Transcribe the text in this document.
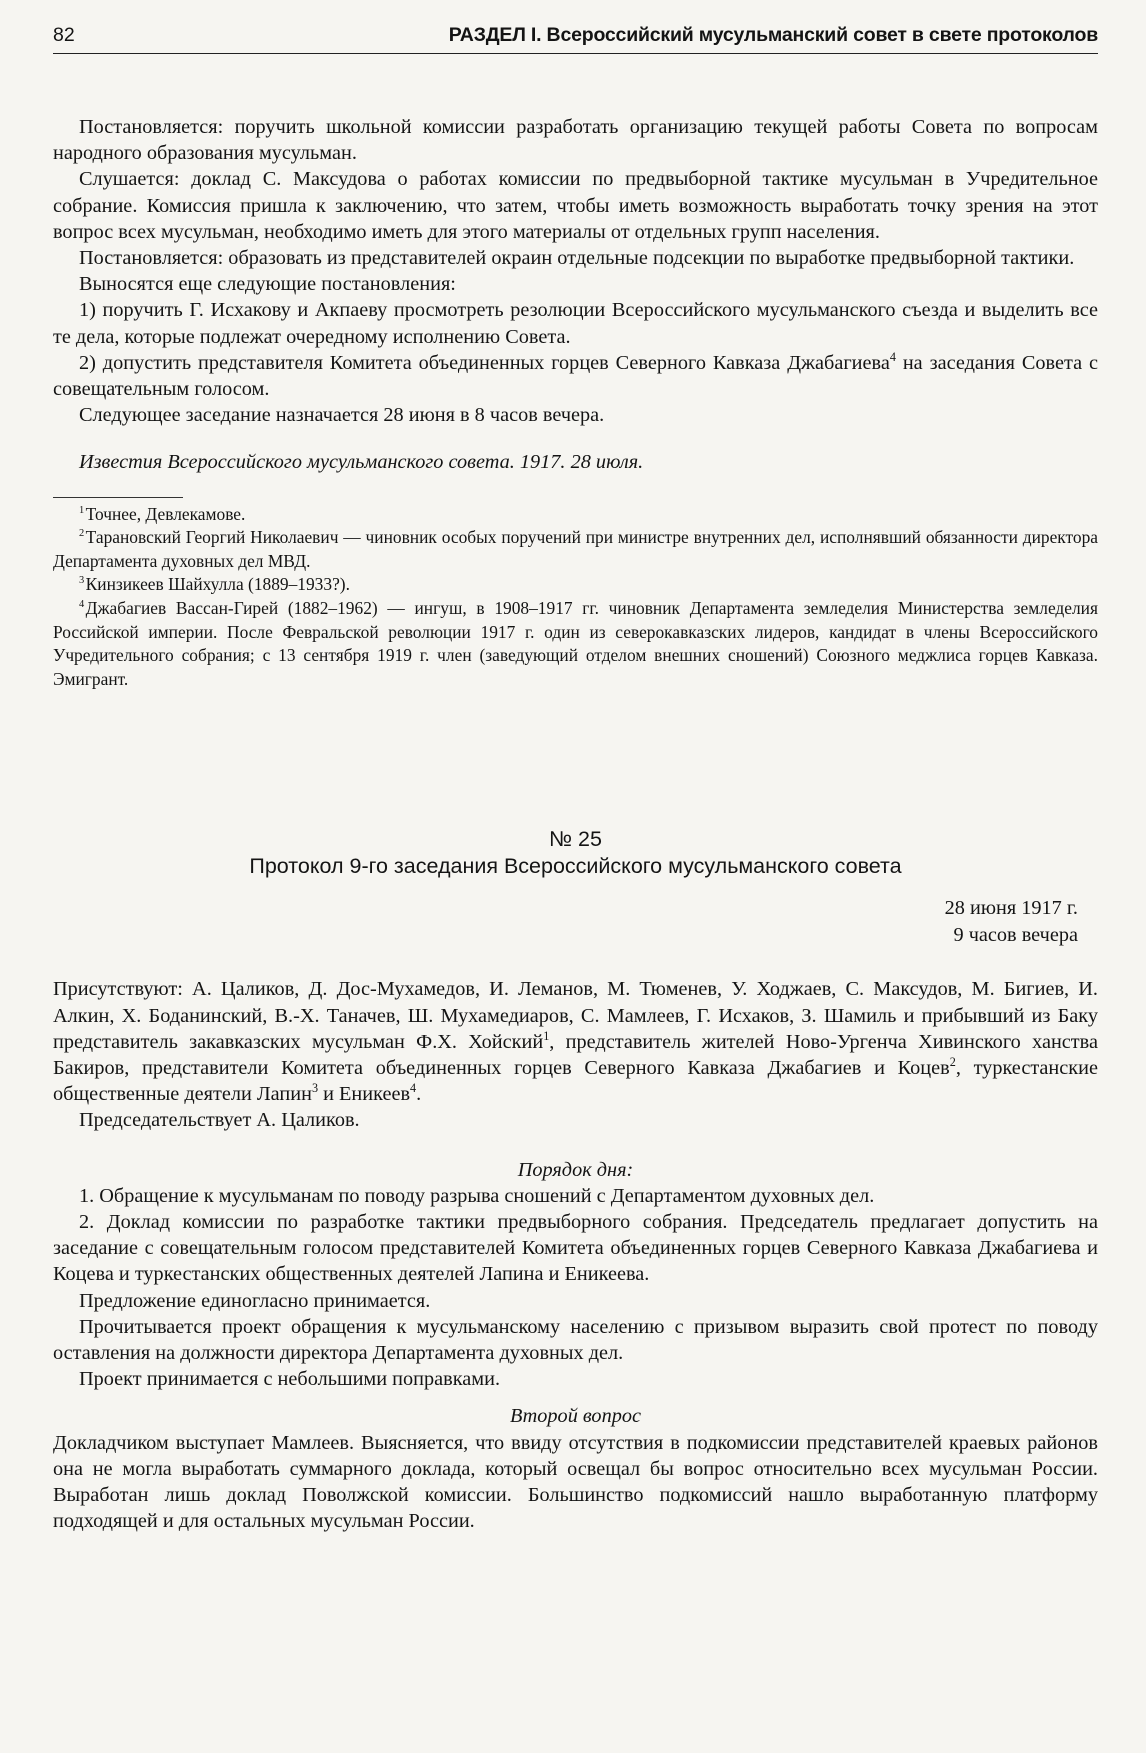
82	РАЗДЕЛ I. Всероссийский мусульманский совет в свете протоколов

Постановляется: поручить школьной комиссии разработать организацию текущей работы Совета по вопросам народного образования мусульман.

Слушается: доклад С. Максудова о работах комиссии по предвыборной тактике мусульман в Учредительное собрание. Комиссия пришла к заключению, что затем, чтобы иметь возможность выработать точку зрения на этот вопрос всех мусульман, необходимо иметь для этого материалы от отдельных групп населения.

Постановляется: образовать из представителей окраин отдельные подсекции по выработке предвыборной тактики.

Выносятся еще следующие постановления:

1) поручить Г. Исхакову и Акпаеву просмотреть резолюции Всероссийского мусульманского съезда и выделить все те дела, которые подлежат очередному исполнению Совета.

2) допустить представителя Комитета объединенных горцев Северного Кавказа Джабагиева$^4$ на заседания Совета с совещательным голосом.

Следующее заседание назначается 28 июня в 8 часов вечера.

Известия Всероссийского мусульманского совета. 1917. 28 июля.

$^1$ Точнее, Девлекамове.

$^2$ Тарановский Георгий Николаевич — чиновник особых поручений при министре внутренних дел, исполнявший обязанности директора Департамента духовных дел МВД.

$^3$ Кинзикеев Шайхулла (1889–1933?).

$^4$ Джабагиев Вассан-Гирей (1882–1962) — ингуш, в 1908–1917 гг. чиновник Департамента земледелия Министерства земледелия Российской империи. После Февральской революции 1917 г. один из северокавказских лидеров, кандидат в члены Всероссийского Учредительного собрания; с 13 сентября 1919 г. член (заведующий отделом внешних сношений) Союзного меджлиса горцев Кавказа. Эмигрант.

№ 25
Протокол 9-го заседания Всероссийского мусульманского совета
28 июня 1917 г.
9 часов вечера

Присутствуют: А. Цаликов, Д. Дос-Мухамедов, И. Леманов, М. Тюменев, У. Ходжаев, С. Максудов, М. Бигиев, И. Алкин, Х. Боданинский, В.-Х. Таначев, Ш. Мухамедиаров, С. Мамлеев, Г. Исхаков, З. Шамиль и прибывший из Баку представитель закавказских мусульман Ф.Х. Хойский$^1$, представитель жителей Ново-Ургенча Хивинского ханства Бакиров, представители Комитета объединенных горцев Северного Кавказа Джабагиев и Коцев$^2$, туркестанские общественные деятели Лапин$^3$ и Еникеев$^4$.

Председательствует А. Цаликов.

Порядок дня:

1. Обращение к мусульманам по поводу разрыва сношений с Департаментом духовных дел.

2. Доклад комиссии по разработке тактики предвыборного собрания. Председатель предлагает допустить на заседание с совещательным голосом представителей Комитета объединенных горцев Северного Кавказа Джабагиева и Коцева и туркестанских общественных деятелей Лапина и Еникеева.

Предложение единогласно принимается.

Прочитывается проект обращения к мусульманскому населению с призывом выразить свой протест по поводу оставления на должности директора Департамента духовных дел.

Проект принимается с небольшими поправками.

Второй вопрос

Докладчиком выступает Мамлеев. Выясняется, что ввиду отсутствия в подкомиссии представителей краевых районов она не могла выработать суммарного доклада, который освещал бы вопрос относительно всех мусульман России. Выработан лишь доклад Поволжской комиссии. Большинство подкомиссий нашло выработанную платформу подходящей и для остальных мусульман России.
